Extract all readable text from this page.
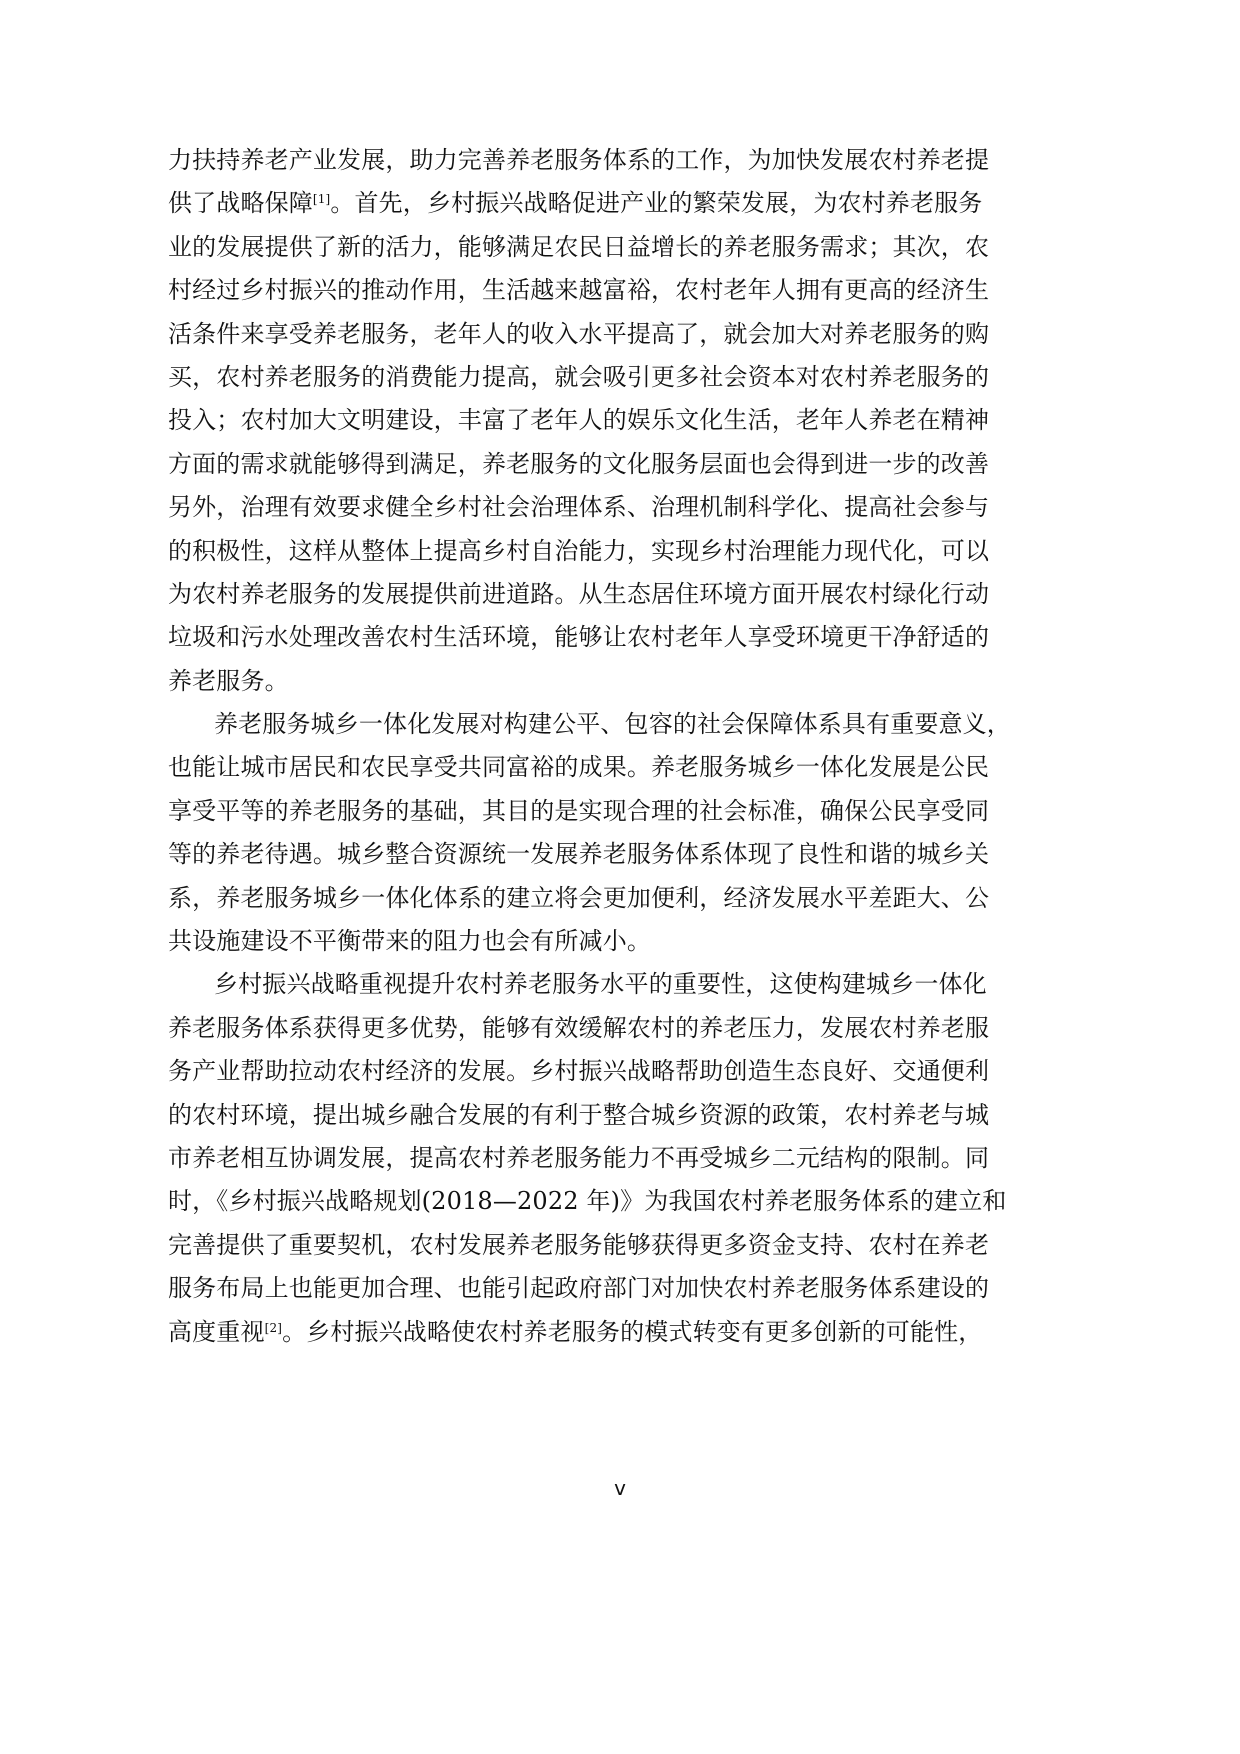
力扶持养老产业发展，助力完善养老服务体系的工作，为加快发展农村养老提
供了战略保障[1]。首先，乡村振兴战略促进产业的繁荣发展，为农村养老服务
业的发展提供了新的活力，能够满足农民日益增长的养老服务需求；其次，农
村经过乡村振兴的推动作用，生活越来越富裕，农村老年人拥有更高的经济生
活条件来享受养老服务，老年人的收入水平提高了，就会加大对养老服务的购
买，农村养老服务的消费能力提高，就会吸引更多社会资本对农村养老服务的
投入；农村加大文明建设，丰富了老年人的娱乐文化生活，老年人养老在精神
方面的需求就能够得到满足，养老服务的文化服务层面也会得到进一步的改善
另外，治理有效要求健全乡村社会治理体系、治理机制科学化、提高社会参与
的积极性，这样从整体上提高乡村自治能力，实现乡村治理能力现代化，可以
为农村养老服务的发展提供前进道路。从生态居住环境方面开展农村绿化行动
垃圾和污水处理改善农村生活环境，能够让农村老年人享受环境更干净舒适的
养老服务。
养老服务城乡一体化发展对构建公平、包容的社会保障体系具有重要意义，
也能让城市居民和农民享受共同富裕的成果。养老服务城乡一体化发展是公民
享受平等的养老服务的基础，其目的是实现合理的社会标准，确保公民享受同
等的养老待遇。城乡整合资源统一发展养老服务体系体现了良性和谐的城乡关
系，养老服务城乡一体化体系的建立将会更加便利，经济发展水平差距大、公
共设施建设不平衡带来的阻力也会有所减小。
乡村振兴战略重视提升农村养老服务水平的重要性，这使构建城乡一体化
养老服务体系获得更多优势，能够有效缓解农村的养老压力，发展农村养老服
务产业帮助拉动农村经济的发展。乡村振兴战略帮助创造生态良好、交通便利
的农村环境，提出城乡融合发展的有利于整合城乡资源的政策，农村养老与城
市养老相互协调发展，提高农村养老服务能力不再受城乡二元结构的限制。同
时，《乡村振兴战略规划(2018—2022 年)》为我国农村养老服务体系的建立和
完善提供了重要契机，农村发展养老服务能够获得更多资金支持、农村在养老
服务布局上也能更加合理、也能引起政府部门对加快农村养老服务体系建设的
高度重视[2]。乡村振兴战略使农村养老服务的模式转变有更多创新的可能性，
v
